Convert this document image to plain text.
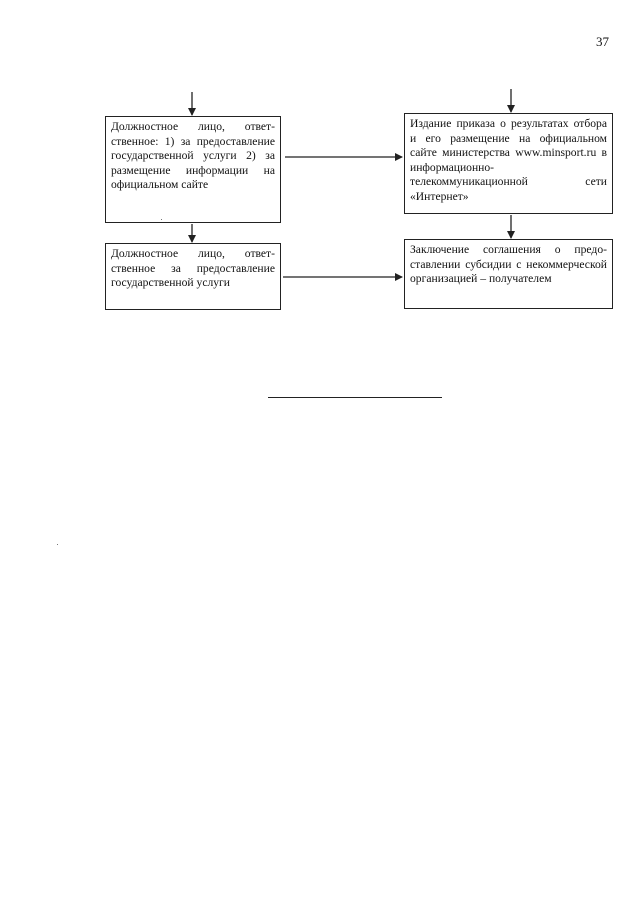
37
Должностное лицо, ответственное: 1) за предоставление государственной услуги 2) за размещение информации на официальном сайте
Должностное лицо, ответственное за предоставление государственной услуги
Издание приказа о результатах отбора и его размещение на официальном сайте министерства www.minsport.ru в информационно-телекоммуникационной сети «Интернет»
Заключение соглашения о предоставлении субсидии с некоммерческой организацией – получателем
